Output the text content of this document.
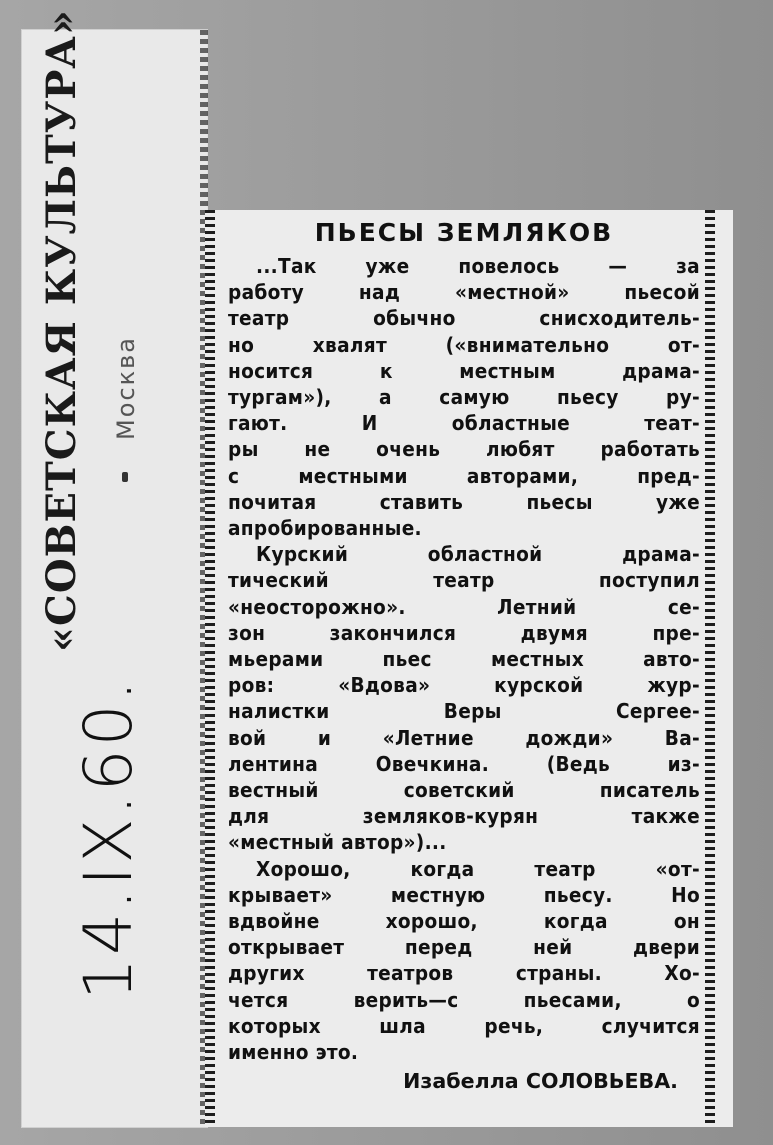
«СОВЕТСКАЯ КУЛЬТУРА» Москва
14.IX.60.
ПЬЕСЫ ЗЕМЛЯКОВ

...Так уже повелось — за
работу над «местной» пьесой
театр обычно снисходитель-
но хвалят («внимательно от-
носится к местным драма-
тургам»), а самую пьесу ру-
гают. И областные теат-
ры не очень любят работать
с местными авторами, пред-
почитая ставить пьесы уже
апробированные.

Курский областной драма-
тический театр поступил
«неосторожно». Летний се-
зон закончился двумя пре-
мьерами пьес местных авто-
ров: «Вдова» курской жур-
налистки Веры Сергее-
вой и «Летние дожди» Ва-
лентина Овечкина. (Ведь из-
вестный советский писатель
для земляков-курян также
«местный автор»)...

Хорошо, когда театр «от-
крывает» местную пьесу. Но
вдвойне хорошо, когда он
открывает перед ней двери
других театров страны. Хо-
чется верить—с пьесами, о
которых шла речь, случится
именно это.

Изабелла СОЛОВЬЕВА.
